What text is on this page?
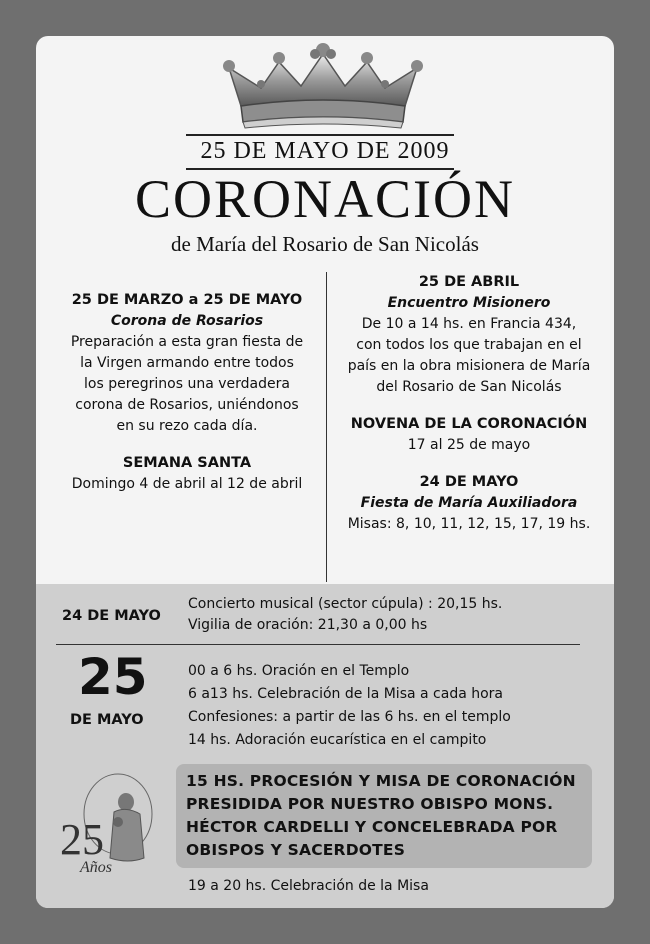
25 DE MAYO DE 2009
CORONACIÓN
de María del Rosario de San Nicolás
25 DE MARZO a 25 DE MAYO
Corona de Rosarios
Preparación a esta gran fiesta de
la Virgen armando entre todos
los peregrinos una verdadera
corona de Rosarios, uniéndonos
en su rezo cada día.
SEMANA SANTA
Domingo 4 de abril al 12 de abril
25 DE ABRIL
Encuentro Misionero
De 10 a 14 hs. en Francia 434,
con todos los que trabajan en el
país en la obra misionera de María
del Rosario de San Nicolás
NOVENA DE LA CORONACIÓN
17 al 25 de mayo
24 DE MAYO
Fiesta de María Auxiliadora
Misas: 8, 10, 11, 12, 15, 17, 19 hs.
24 DE MAYO
Concierto musical (sector cúpula) : 20,15 hs.
Vigilia de oración: 21,30 a 0,00 hs
25
DE MAYO
00 a 6 hs. Oración en el Templo
6 a13 hs. Celebración de la Misa a cada hora
Confesiones: a partir de las 6 hs. en el templo
14 hs. Adoración eucarística en el campito
15 HS. PROCESIÓN Y MISA DE CORONACIÓN
PRESIDIDA POR NUESTRO OBISPO MONS.
HÉCTOR CARDELLI Y CONCELEBRADA POR
OBISPOS Y SACERDOTES
19 a 20 hs. Celebración de la Misa
25
Años
